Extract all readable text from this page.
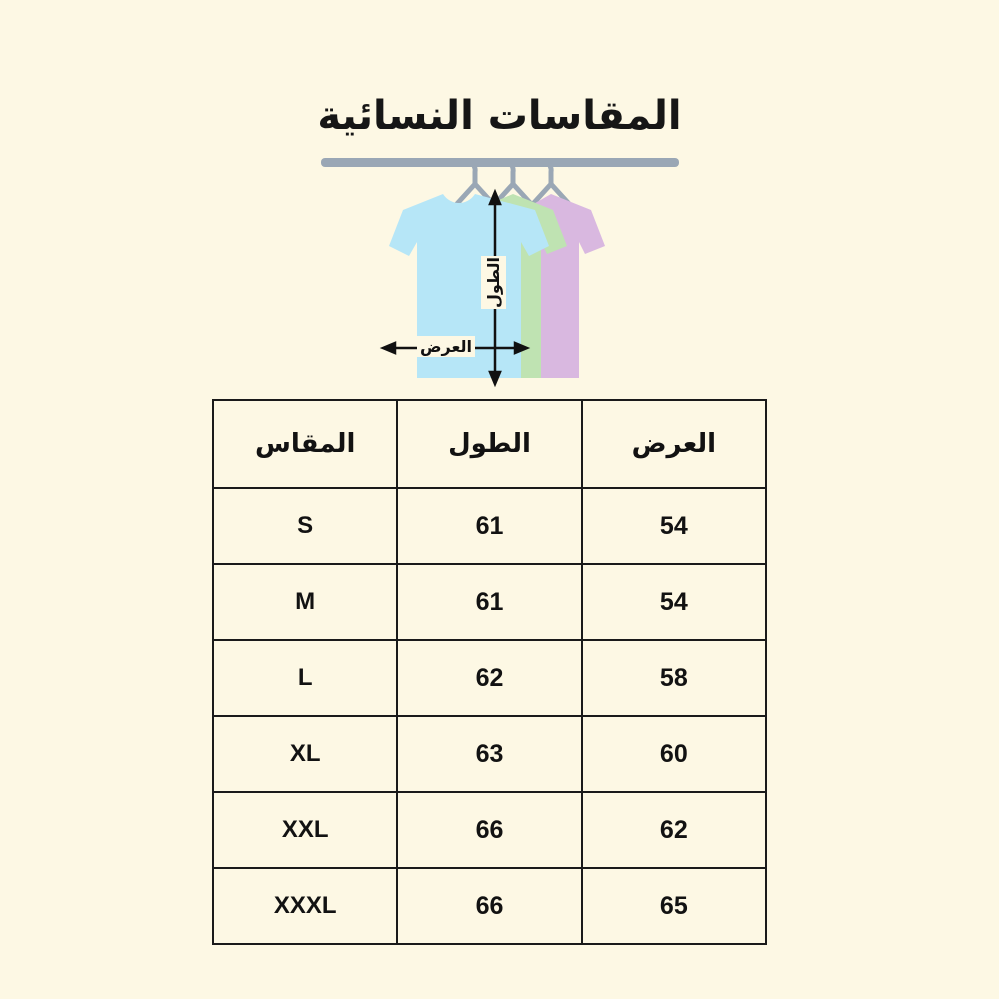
المقاسات النسائية
الطول
العرض
العرض	الطول	المقاس
54	61	S
54	61	M
58	62	L
60	63	XL
62	66	XXL
65	66	XXXL
